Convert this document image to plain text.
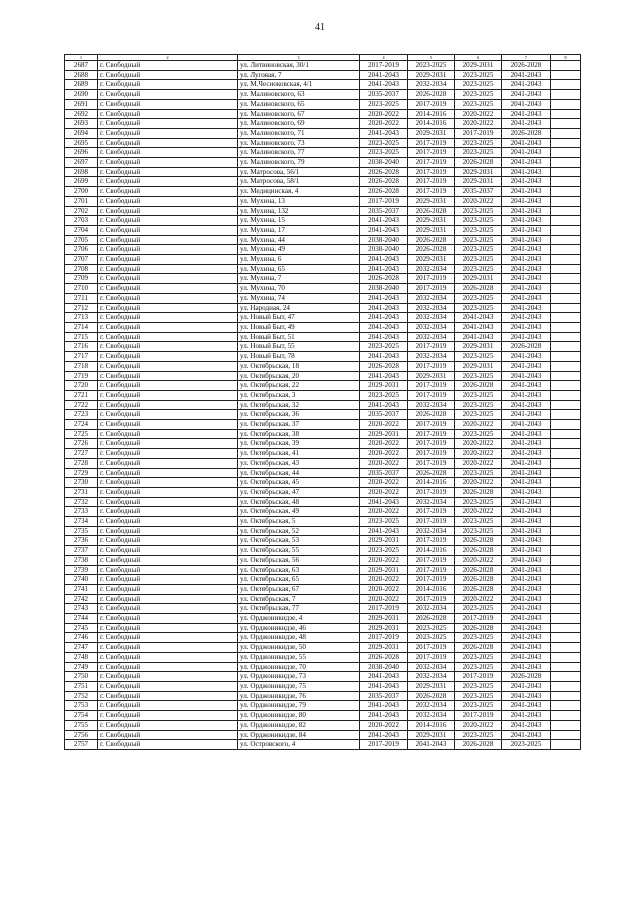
41
1	2	3	4	5	6	7	8
2687	г. Свободный	ул. Литвиновская, 30/1	2017-2019	2023-2025	2029-2031	2026-2028	
2688	г. Свободный	ул. Луговая, 7	2041-2043	2029-2031	2023-2025	2041-2043	
2689	г. Свободный	ул. М.Чесноковская, 4/1	2041-2043	2032-2034	2023-2025	2041-2043	
2690	г. Свободный	ул. Малиновского, 63	2035-2037	2026-2028	2023-2025	2041-2043	
2691	г. Свободный	ул. Малиновского, 65	2023-2025	2017-2019	2023-2025	2041-2043	
2692	г. Свободный	ул. Малиновского, 67	2020-2022	2014-2016	2020-2022	2041-2043	
2693	г. Свободный	ул. Малиновского, 69	2020-2022	2014-2016	2020-2022	2041-2043	
2694	г. Свободный	ул. Малиновского, 71	2041-2043	2029-2031	2017-2019	2026-2028	
2695	г. Свободный	ул. Малиновского, 73	2023-2025	2017-2019	2023-2025	2041-2043	
2696	г. Свободный	ул. Малиновского, 77	2023-2025	2017-2019	2023-2025	2041-2043	
2697	г. Свободный	ул. Малиновского, 79	2038-2040	2017-2019	2026-2028	2041-2043	
2698	г. Свободный	ул. Матросова, 56/1	2026-2028	2017-2019	2029-2031	2041-2043	
2699	г. Свободный	ул. Матросова, 58/1	2026-2028	2017-2019	2029-2031	2041-2043	
2700	г. Свободный	ул. Медицинская, 4	2026-2028	2017-2019	2035-2037	2041-2043	
2701	г. Свободный	ул. Мухина, 13	2017-2019	2029-2031	2020-2022	2041-2043	
2702	г. Свободный	ул. Мухина, 132	2035-2037	2026-2028	2023-2025	2041-2043	
2703	г. Свободный	ул. Мухина, 15	2041-2043	2029-2031	2023-2025	2041-2043	
2704	г. Свободный	ул. Мухина, 17	2041-2043	2029-2031	2023-2025	2041-2043	
2705	г. Свободный	ул. Мухина, 44	2038-2040	2026-2028	2023-2025	2041-2043	
2706	г. Свободный	ул. Мухина, 49	2038-2040	2026-2028	2023-2025	2041-2043	
2707	г. Свободный	ул. Мухина, 6	2041-2043	2029-2031	2023-2025	2041-2043	
2708	г. Свободный	ул. Мухина, 65	2041-2043	2032-2034	2023-2025	2041-2043	
2709	г. Свободный	ул. Мухина, 7	2026-2028	2017-2019	2029-2031	2041-2043	
2710	г. Свободный	ул. Мухина, 70	2038-2040	2017-2019	2026-2028	2041-2043	
2711	г. Свободный	ул. Мухина, 74	2041-2043	2032-2034	2023-2025	2041-2043	
2712	г. Свободный	ул. Народная, 24	2041-2043	2032-2034	2023-2025	2041-2043	
2713	г. Свободный	ул. Новый Быт, 47	2041-2043	2032-2034	2041-2043	2041-2043	
2714	г. Свободный	ул. Новый Быт, 49	2041-2043	2032-2034	2041-2043	2041-2043	
2715	г. Свободный	ул. Новый Быт, 51	2041-2043	2032-2034	2041-2043	2041-2043	
2716	г. Свободный	ул. Новый Быт, 55	2023-2025	2017-2019	2029-2031	2026-2028	
2717	г. Свободный	ул. Новый Быт, 78	2041-2043	2032-2034	2023-2025	2041-2043	
2718	г. Свободный	ул. Октябрьская, 18	2026-2028	2017-2019	2029-2031	2041-2043	
2719	г. Свободный	ул. Октябрьская, 20	2041-2043	2029-2031	2023-2025	2041-2043	
2720	г. Свободный	ул. Октябрьская, 22	2029-2031	2017-2019	2026-2028	2041-2043	
2721	г. Свободный	ул. Октябрьская, 3	2023-2025	2017-2019	2023-2025	2041-2043	
2722	г. Свободный	ул. Октябрьская, 32	2041-2043	2032-2034	2023-2025	2041-2043	
2723	г. Свободный	ул. Октябрьская, 36	2035-2037	2026-2028	2023-2025	2041-2043	
2724	г. Свободный	ул. Октябрьская, 37	2020-2022	2017-2019	2020-2022	2041-2043	
2725	г. Свободный	ул. Октябрьская, 38	2029-2031	2017-2019	2023-2025	2041-2043	
2726	г. Свободный	ул. Октябрьская, 39	2020-2022	2017-2019	2020-2022	2041-2043	
2727	г. Свободный	ул. Октябрьская, 41	2020-2022	2017-2019	2020-2022	2041-2043	
2728	г. Свободный	ул. Октябрьская, 43	2020-2022	2017-2019	2020-2022	2041-2043	
2729	г. Свободный	ул. Октябрьская, 44	2035-2037	2026-2028	2023-2025	2041-2043	
2730	г. Свободный	ул. Октябрьская, 45	2020-2022	2014-2016	2020-2022	2041-2043	
2731	г. Свободный	ул. Октябрьская, 47	2020-2022	2017-2019	2026-2028	2041-2043	
2732	г. Свободный	ул. Октябрьская, 48	2041-2043	2032-2034	2023-2025	2041-2043	
2733	г. Свободный	ул. Октябрьская, 49	2020-2022	2017-2019	2020-2022	2041-2043	
2734	г. Свободный	ул. Октябрьская, 5	2023-2025	2017-2019	2023-2025	2041-2043	
2735	г. Свободный	ул. Октябрьская, 52	2041-2043	2032-2034	2023-2025	2041-2043	
2736	г. Свободный	ул. Октябрьская, 53	2029-2031	2017-2019	2026-2028	2041-2043	
2737	г. Свободный	ул. Октябрьская, 55	2023-2025	2014-2016	2026-2028	2041-2043	
2738	г. Свободный	ул. Октябрьская, 56	2020-2022	2017-2019	2020-2022	2041-2043	
2739	г. Свободный	ул. Октябрьская, 63	2029-2031	2017-2019	2026-2028	2041-2043	
2740	г. Свободный	ул. Октябрьская, 65	2020-2022	2017-2019	2026-2028	2041-2043	
2741	г. Свободный	ул. Октябрьская, 67	2020-2022	2014-2016	2026-2028	2041-2043	
2742	г. Свободный	ул. Октябрьская, 7	2020-2022	2017-2019	2020-2022	2041-2043	
2743	г. Свободный	ул. Октябрьская, 77	2017-2019	2032-2034	2023-2025	2041-2043	
2744	г. Свободный	ул. Орджоникидзе, 4	2029-2031	2026-2028	2017-2019	2041-2043	
2745	г. Свободный	ул. Орджоникидзе, 46	2029-2031	2023-2025	2026-2028	2041-2043	
2746	г. Свободный	ул. Орджоникидзе, 48	2017-2019	2023-2025	2023-2025	2041-2043	
2747	г. Свободный	ул. Орджоникидзе, 50	2029-2031	2017-2019	2026-2028	2041-2043	
2748	г. Свободный	ул. Орджоникидзе, 55	2026-2028	2017-2019	2023-2025	2041-2043	
2749	г. Свободный	ул. Орджоникидзе, 70	2038-2040	2032-2034	2023-2025	2041-2043	
2750	г. Свободный	ул. Орджоникидзе, 73	2041-2043	2032-2034	2017-2019	2026-2028	
2751	г. Свободный	ул. Орджоникидзе, 75	2041-2043	2029-2031	2023-2025	2041-2043	
2752	г. Свободный	ул. Орджоникидзе, 76	2035-2037	2026-2028	2023-2025	2041-2043	
2753	г. Свободный	ул. Орджоникидзе, 79	2041-2043	2032-2034	2023-2025	2041-2043	
2754	г. Свободный	ул. Орджоникидзе, 80	2041-2043	2032-2034	2017-2019	2041-2043	
2755	г. Свободный	ул. Орджоникидзе, 82	2020-2022	2014-2016	2020-2022	2041-2043	
2756	г. Свободный	ул. Орджоникидзе, 84	2041-2043	2029-2031	2023-2025	2041-2043	
2757	г. Свободный	ул. Островского, 4	2017-2019	2041-2043	2026-2028	2023-2025	
